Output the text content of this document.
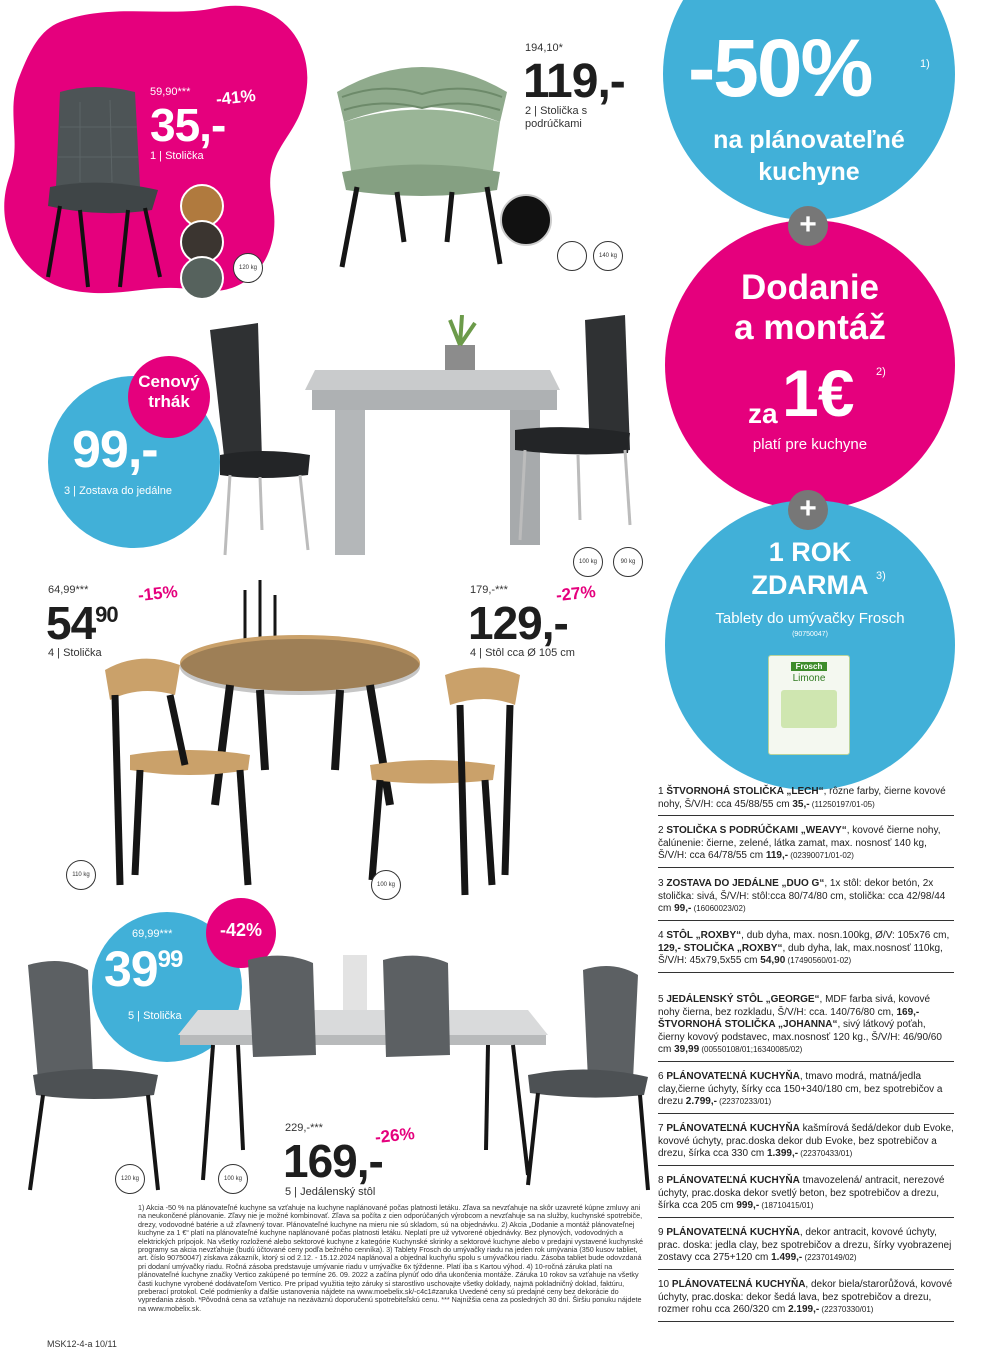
59,90*** -41%
35,-
1 | Stolička
120 kg
194,10*
119,-
2 | Stolička s
podrúčkami
140 kg
Cenový
trhák
99,-
3 | Zostava do jedálne
100 kg	90 kg
64,99***	-15%
$54^{90}$
4 | Stolička
179,-***	-27%
129,-
4 | Stôl cca Ø 105 cm
110 kg
100 kg
-42%
69,99***
$39^{99}$
5 | Stolička
120 kg	100 kg
229,-***	-26%
169,-
5 | Jedálenský stôl
-50%	1)
na plánovateľné
kuchyne
+
Dodanie
a montáž
za 1€ 2)
platí pre kuchyne
+
1 ROK
ZDARMA 3)
Tablety do umývačky Frosch
(90750047)
Frosch
Limone
1 ŠTVORNOHÁ STOLIČKA „LECH“, rôzne farby, čierne kovové nohy, Š/V/H: cca 45/88/55 cm 35,- (11250197/01-05)
2 STOLIČKA S PODRÚČKAMI „WEAVY“, kovové čierne nohy, čalúnenie: čierne, zelené, látka zamat, max. nosnosť 140 kg, Š/V/H: cca 64/78/55 cm 119,- (02390071/01-02)
3 ZOSTAVA DO JEDÁLNE „DUO G“, 1x stôl: dekor betón, 2x stolička: sivá, Š/V/H: stôl:cca 80/74/80 cm, stolička: cca 42/98/44 cm 99,- (16060023/02)
4 STÔL „ROXBY“, dub dyha, max. nosn.100kg, Ø/V: 105x76 cm, 129,- STOLIČKA „ROXBY“, dub dyha, lak, max.nosnosť 110kg, Š/V/H: 45x79,5x55 cm 54,90 (17490560/01-02)
5 JEDÁLENSKÝ STÔL „GEORGE“, MDF farba sivá, kovové nohy čierna, bez rozkladu, Š/V/H: cca. 140/76/80 cm, 169,- ŠTVORNOHÁ STOLIČKA „JOHANNA“, sivý látkový poťah, čierny kovový podstavec, max.nosnosť 120 kg., Š/V/H: 46/90/60 cm 39,99 (00550108/01;16340085/02)
6 PLÁNOVATEĽNÁ KUCHYŇA, tmavo modrá, matná/jedla clay,čierne úchyty, šírky cca 150+340/180 cm, bez spotrebičov a drezu 2.799,- (22370233/01)
7 PLÁNOVATEĽNÁ KUCHYŇA kašmírová šedá/dekor dub Evoke, kovové úchyty, prac.doska dekor dub Evoke, bez spotrebičov a drezu, šírka cca 330 cm 1.399,- (22370433/01)
8 PLÁNOVATEĽNÁ KUCHYŇA tmavozelená/ antracit, nerezové úchyty, prac.doska dekor svetlý beton, bez spotrebičov a drezu, šírka cca 205 cm 999,- (18710415/01)
9 PLÁNOVATEĽNÁ KUCHYŇA, dekor antracit, kovové úchyty, prac. doska: jedla clay, bez spotrebičov a drezu, šírky vyobrazenej zostavy cca 275+120 cm 1.499,- (22370149/02)
10 PLÁNOVATEĽNÁ KUCHYŇA, dekor biela/starorůžová, kovové úchyty, prac.doska: dekor šedá lava, bez spotrebičov a drezu, rozmer rohu cca 260/320 cm 2.199,- (22370330/01)
1) Akcia -50 % na plánovateľné kuchyne sa vzťahuje na kuchyne naplánované počas platnosti letáku. Zľava sa nevzťahuje na skôr uzavreté kúpne zmluvy ani na neukončené plánovanie. Zľavy nie je možné kombinovať. Zľava sa počíta z cien odporúčaných výrobcom a nevzťahuje sa na služby, kuchynské spotrebiče, drezy, vodovodné batérie a už zľavnený tovar. Plánovateľné kuchyne na mieru nie sú skladom, sú na objednávku. 2) Akcia „Dodanie a montáž plánovateľnej kuchyne za 1 €“ platí na plánovateľné kuchyne naplánované počas platnosti letáku. Neplatí pre už vytvorené objednávky. Bez plynových, vodovodných a elektrických prípojok. Na všetky rozložené alebo sektorové kuchyne z kategórie Kuchynské skrinky a sektorové kuchyne alebo v predajni vystavené kuchynské programy sa akcia nevzťahuje (budú účtované ceny podľa bežného cenníka). 3) Tablety Frosch do umývačky riadu na jeden rok umývania (350 kusov tabliet, art. číslo 90750047) získava zákazník, ktorý si od 2.12. - 15.12.2024 naplánoval a objednal kuchyňu spolu s umývačkou riadu. Zásoba tabliet bude odovzdaná pri dodaní umývačky riadu. Ročná zásoba predstavuje umývanie riadu v umývačke 6x týždenne. Platí iba s Kartou výhod. 4) 10-ročná záruka platí na plánovateľné kuchyne značky Vertico zakúpené po termíne 26. 09. 2022 a začína plynúť odo dňa ukončenia montáže. Záruka 10 rokov sa vzťahuje na všetky časti kuchyne vyrobené dodávateľom Vertico. Pre prípad využitia tejto záruky si starostlivo uschovajte všetky doklady, najmä pokladničný doklad, faktúru, preberací protokol. Celé podmienky a ďalšie ustanovenia nájdete na www.moebelix.sk/-c4c1#zaruka Uvedené ceny sú predajné ceny bez dekorácie do vypredania zásob. *Pôvodná cena sa vzťahuje na nezáväznú doporučenú spotrebiteľskú cenu. *** Najnižšia cena za posledných 30 dní. Širšiu ponuku nájdete na www.mobelix.sk.
MSK12-4-a 10/11
